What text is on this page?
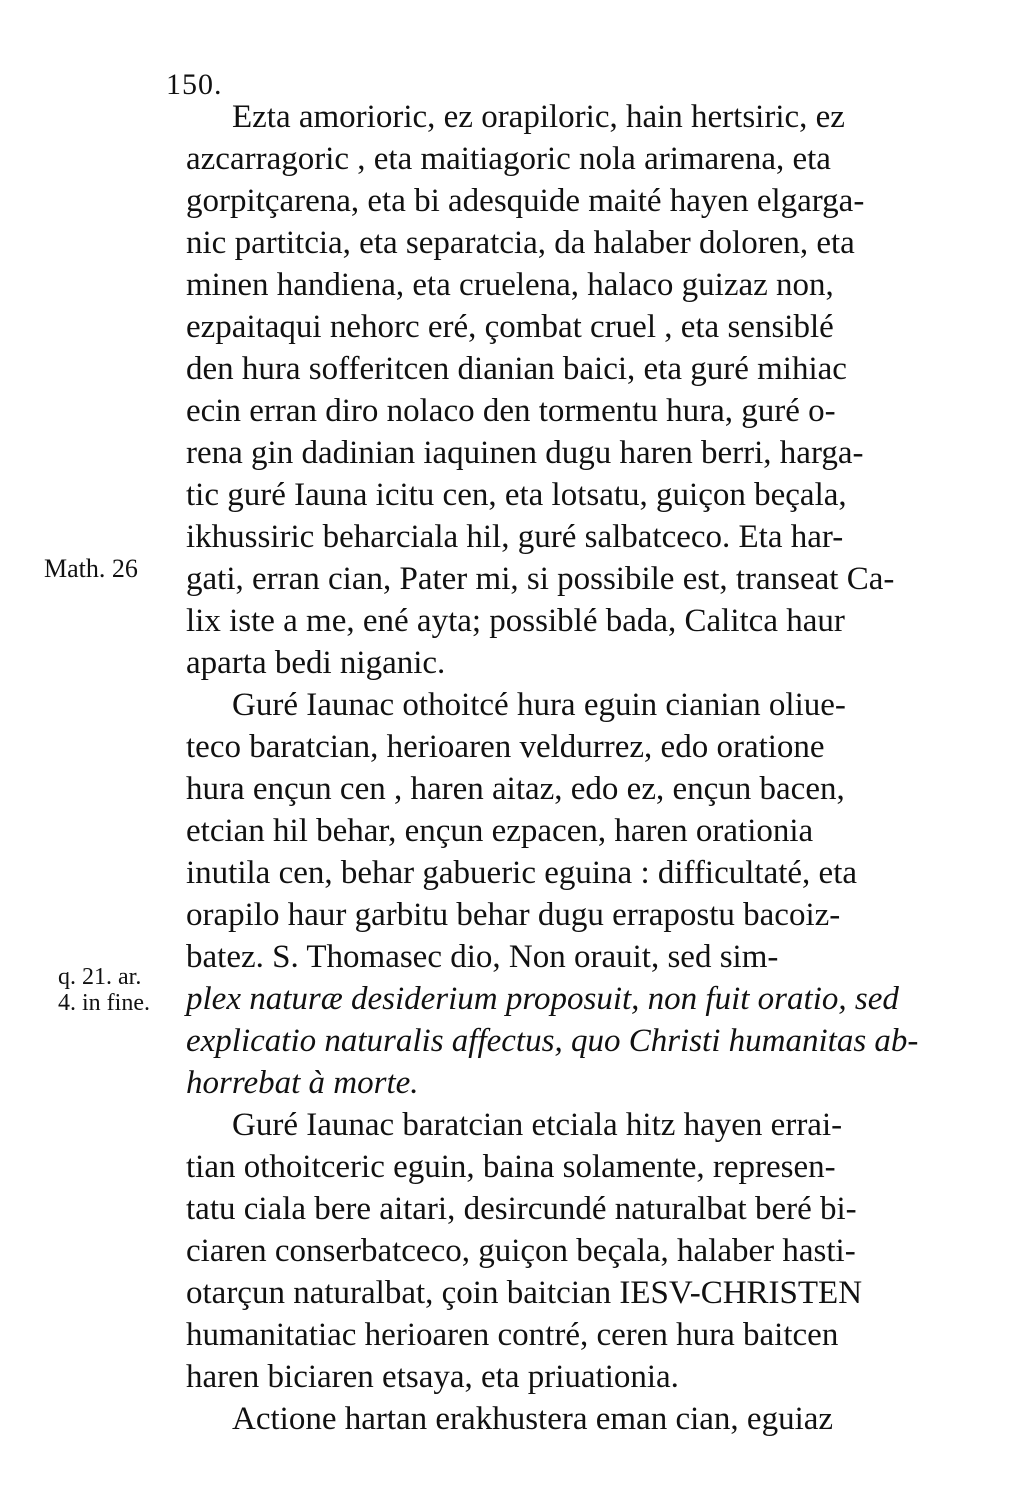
150.
Math. 26
q. 21. ar.
4. in fine.
Ezta amorioric, ez orapiloric, hain hertsiric, ez
azcarragoric , eta maitiagoric nola arimarena, eta
gorpitçarena, eta bi adesquide maité hayen elgarga-
nic partitcia, eta separatcia, da halaber doloren, eta
minen handiena, eta cruelena, halaco guizaz non,
ezpaitaqui nehorc eré, çombat cruel , eta sensiblé
den hura sofferitcen dianian baici, eta guré mihiac
ecin erran diro nolaco den tormentu hura, guré o-
rena gin dadinian iaquinen dugu haren berri, harga-
tic guré Iauna icitu cen, eta lotsatu, guiçon beçala,
ikhussiric beharciala hil, guré salbatceco. Eta har-
gati, erran cian, Pater mi, si possibile est, transeat Ca-
lix iste a me, ené ayta; possiblé bada, Calitca haur
aparta bedi niganic.
Guré Iaunac othoitcé hura eguin cianian oliue-
tecо baratcian, herioaren veldurrez, edo oratione
hura ençun cen , haren aitaz, edo ez, ençun bacen,
etcian hil behar, ençun ezpacen, haren orationia
inutila cen, behar gabueric eguina : difficultaté, eta
orapilo haur garbitu behar dugu errapostu bacoiz-
batez. S. Thomasec dio, Non orauit, sed sim-
plex naturæ desiderium proposuit, non fuit oratio, sed
explicatio naturalis affectus, quo Christi humanitas ab-
horrebat à morte.
Guré Iaunac baratcian etciala hitz hayen errai-
tian othoitceric eguin, baina solamente, represen-
tatu ciala bere aitari, desircundé naturalbat beré bi-
ciaren conserbatceco, guiçon beçala, halaber hasti-
otarçun naturalbat, çoin baitcian IESV-CHRISTEN
humanitatiac herioaren contré, ceren hura baitcen
haren biciaren etsaya, eta priuationia.
Actione hartan erakhustera eman cian, eguiaz
